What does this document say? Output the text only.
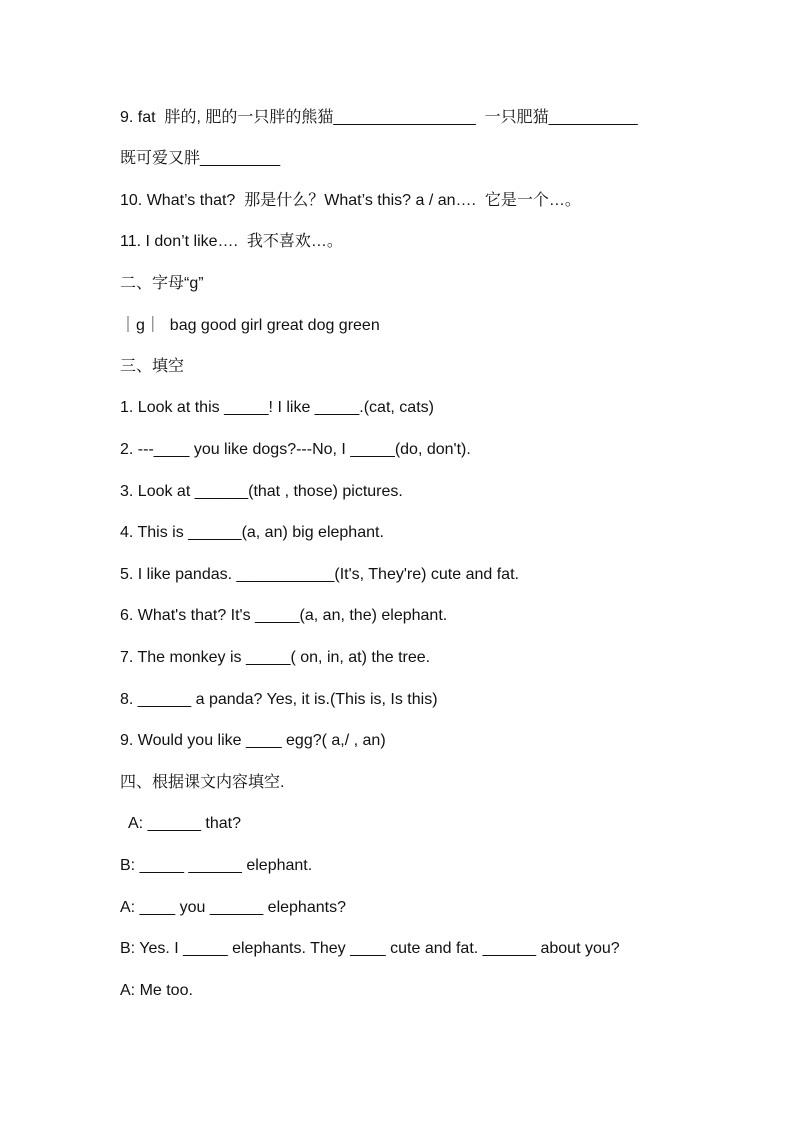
9. fat  胖的, 肥的一只胖的熊猫________________  一只肥猫__________
既可爱又胖_________
10. What’s that?  那是什么？What’s this? a / an….  它是一个…。
11. I don’t like….  我不喜欢…。
二、字母“g”
｜g｜  bag good girl great dog green
三、填空
1. Look at this _____! I like _____.(cat, cats)
2. ---____ you like dogs?---No, I _____(do, don't).
3. Look at ______(that , those) pictures.
4. This is ______(a, an) big elephant.
5. I like pandas. ___________(It's, They're) cute and fat.
6. What's that? It's _____(a, an, the) elephant.
7. The monkey is _____( on, in, at) the tree.
8. ______ a panda? Yes, it is.(This is, Is this)
9. Would you like ____ egg?( a,/ , an)
四、根据课文内容填空.
A: ______ that?
B: _____ ______ elephant.
A: ____ you ______ elephants?
B: Yes. I _____ elephants. They ____ cute and fat. ______ about you?
A: Me too.
